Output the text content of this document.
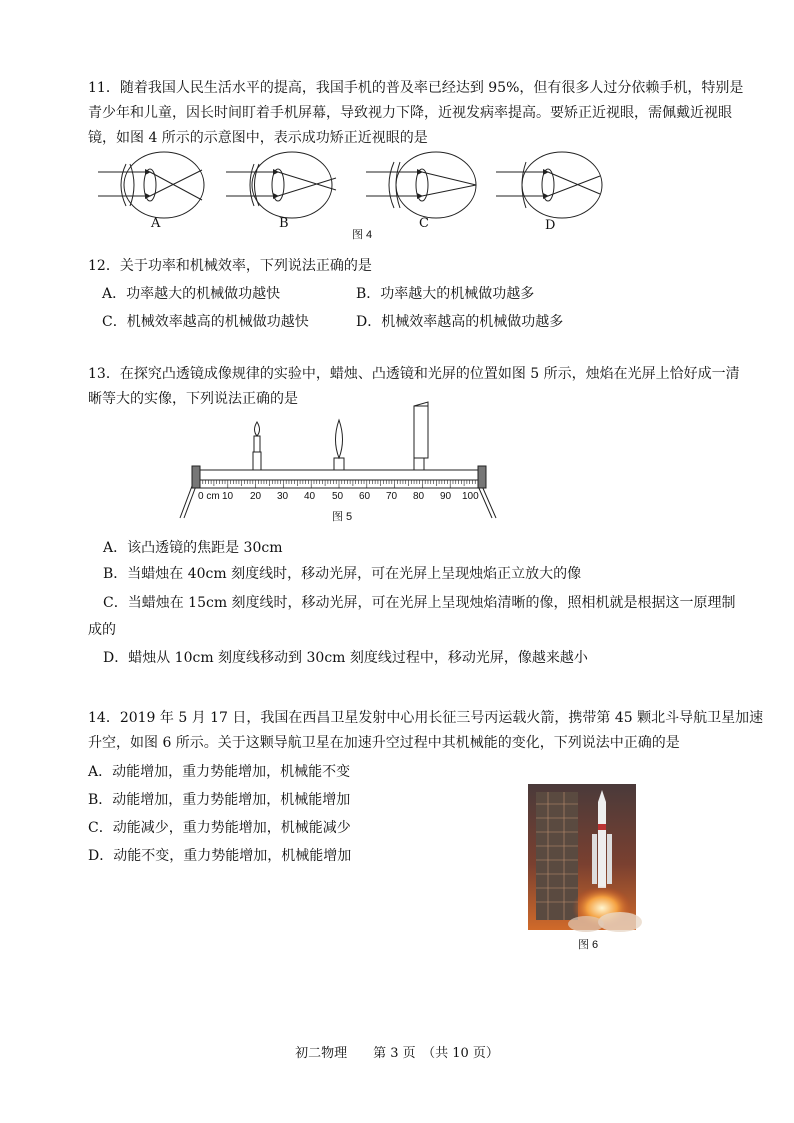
11．随着我国人民生活水平的提高，我国手机的普及率已经达到 95%，但有很多人过分依赖手机，特别是
青少年和儿童，因长时间盯着手机屏幕，导致视力下降，近视发病率提高。要矫正近视眼，需佩戴近视眼
镜，如图 4 所示的示意图中，表示成功矫正近视眼的是
A	B
图 4
C	D
12．关于功率和机械效率，下列说法正确的是
A．功率越大的机械做功越快	B．功率越大的机械做功越多
C．机械效率越高的机械做功越快	D．机械效率越高的机械做功越多
13．在探究凸透镜成像规律的实验中，蜡烛、凸透镜和光屏的位置如图 5 所示，烛焰在光屏上恰好成一清
晰等大的实像，下列说法正确的是
0 cm 10 20 30 40 50 60 70 80 90 100
图 5
A．该凸透镜的焦距是 30cm
B．当蜡烛在 40cm 刻度线时，移动光屏，可在光屏上呈现烛焰正立放大的像
C．当蜡烛在 15cm 刻度线时，移动光屏，可在光屏上呈现烛焰清晰的像，照相机就是根据这一原理制
成的
D．蜡烛从 10cm 刻度线移动到 30cm 刻度线过程中，移动光屏，像越来越小
14．2019 年 5 月 17 日，我国在西昌卫星发射中心用长征三号丙运载火箭，携带第 45 颗北斗导航卫星加速
升空，如图 6 所示。关于这颗导航卫星在加速升空过程中其机械能的变化，下列说法中正确的是
A．动能增加，重力势能增加，机械能不变
B．动能增加，重力势能增加，机械能增加
C．动能减少，重力势能增加，机械能减少
D．动能不变，重力势能增加，机械能增加
图 6
初二物理　　第 3 页　（共 10 页）
